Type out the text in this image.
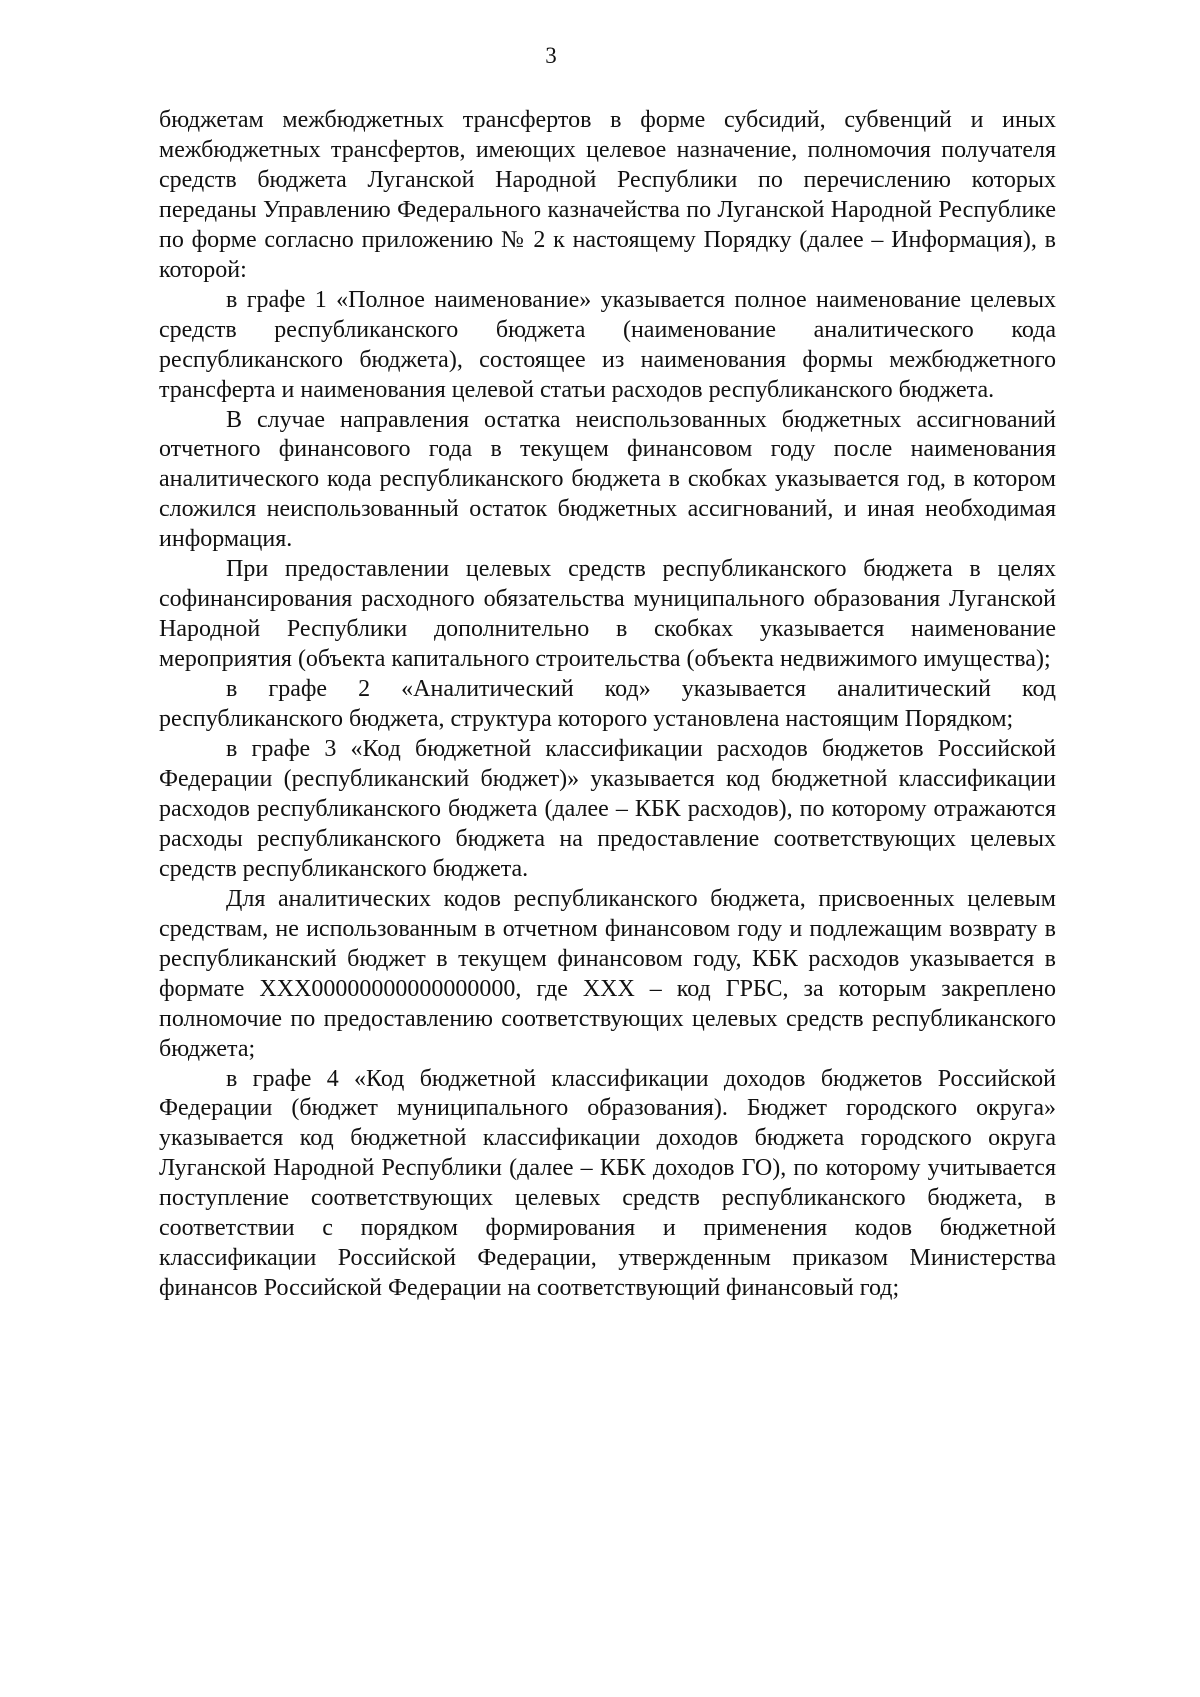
3

бюджетам межбюджетных трансфертов в форме субсидий, субвенций и иных межбюджетных трансфертов, имеющих целевое назначение, полномочия получателя средств бюджета Луганской Народной Республики по перечислению которых переданы Управлению Федерального казначейства по Луганской Народной Республике по форме согласно приложению № 2 к настоящему Порядку (далее – Информация), в которой:

в графе 1 «Полное наименование» указывается полное наименование целевых средств республиканского бюджета (наименование аналитического кода республиканского бюджета), состоящее из наименования формы межбюджетного трансферта и наименования целевой статьи расходов республиканского бюджета.

В случае направления остатка неиспользованных бюджетных ассигнований отчетного финансового года в текущем финансовом году после наименования аналитического кода республиканского бюджета в скобках указывается год, в котором сложился неиспользованный остаток бюджетных ассигнований, и иная необходимая информация.

При предоставлении целевых средств республиканского бюджета в целях софинансирования расходного обязательства муниципального образования Луганской Народной Республики дополнительно в скобках указывается наименование мероприятия (объекта капитального строительства (объекта недвижимого имущества);

в графе 2 «Аналитический код» указывается аналитический код республиканского бюджета, структура которого установлена настоящим Порядком;

в графе 3 «Код бюджетной классификации расходов бюджетов Российской Федерации (республиканский бюджет)» указывается код бюджетной классификации расходов республиканского бюджета (далее – КБК расходов), по которому отражаются расходы республиканского бюджета на предоставление соответствующих целевых средств республиканского бюджета.

Для аналитических кодов республиканского бюджета, присвоенных целевым средствам, не использованным в отчетном финансовом году и подлежащим возврату в республиканский бюджет в текущем финансовом году, КБК расходов указывается в формате XXX00000000000000000, где XXX – код ГРБС, за которым закреплено полномочие по предоставлению соответствующих целевых средств республиканского бюджета;

в графе 4 «Код бюджетной классификации доходов бюджетов Российской Федерации (бюджет муниципального образования). Бюджет городского округа» указывается код бюджетной классификации доходов бюджета городского округа Луганской Народной Республики (далее – КБК доходов ГО), по которому учитывается поступление соответствующих целевых средств республиканского бюджета, в соответствии с порядком формирования и применения кодов бюджетной классификации Российской Федерации, утвержденным приказом Министерства финансов Российской Федерации на соответствующий финансовый год;
